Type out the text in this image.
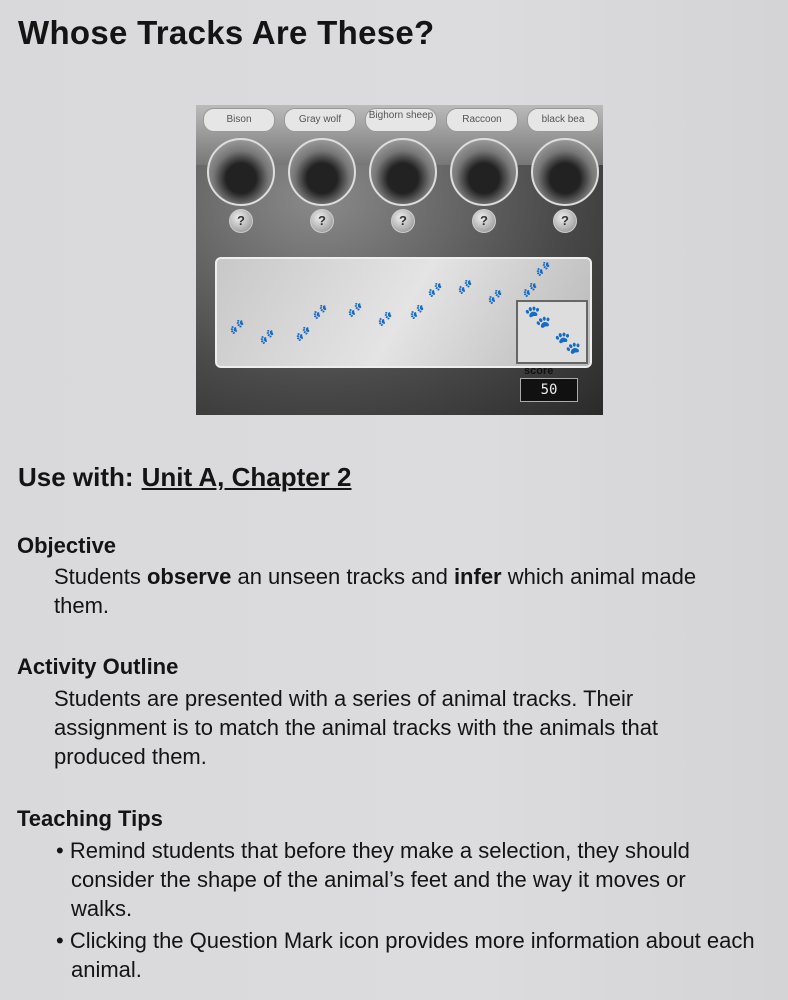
Whose Tracks Are These?
Bison
?
Gray wolf
?
Bighorn sheep
?
Raccoon
?
black bea
?
🐾
🐾 🐾
🐾 🐾
🐾 🐾
🐾 🐾
🐾 🐾
🐾
🐾
🐾
score
50
Use with: Unit A, Chapter 2
Objective
Students observe an unseen tracks and infer which animal made them.
Activity Outline
Students are presented with a series of animal tracks. Their assignment is to match the animal tracks with the animals that produced them.
Teaching Tips
• Remind students that before they make a selection, they should consider the shape of the animal’s feet and the way it moves or walks.
• Clicking the Question Mark icon provides more information about each animal.
